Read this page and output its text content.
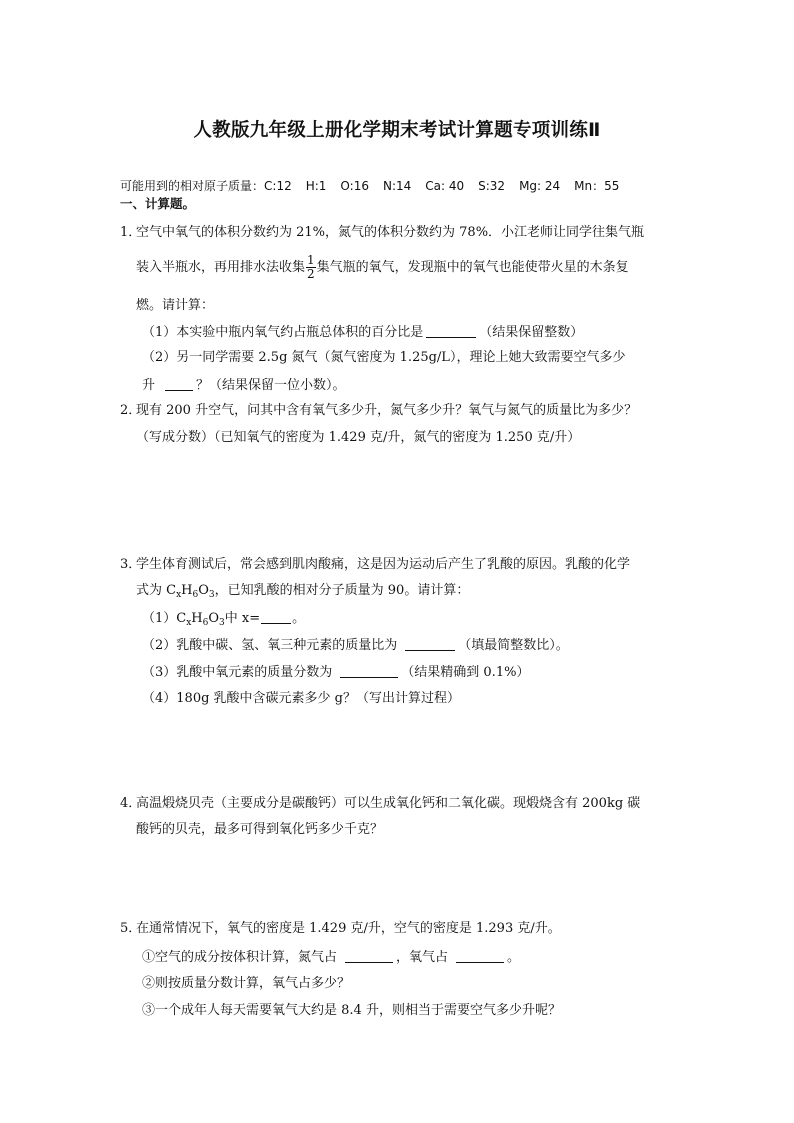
人教版九年级上册化学期末考试计算题专项训练Ⅱ
可能用到的相对原子质量：C:12 H:1 O:16 N:14 Ca: 40 S:32 Mg: 24 Mn：55
一、计算题。
1．空气中氧气的体积分数约为 21%，氮气的体积分数约为 78%．小江老师让同学往集气瓶
装入半瓶水，再用排水法收集 $\frac{1}{2}$ 集气瓶的氧气，发现瓶中的氧气也能使带火星的木条复
燃。请计算：
（1）本实验中瓶内氧气约占瓶总体积的百分比是	（结果保留整数）
（2）另一同学需要 2.5g 氮气（氮气密度为 1.25g/L），理论上她大致需要空气多少
升	？（结果保留一位小数）。
2．现有 200 升空气，问其中含有氧气多少升，氮气多少升？氧气与氮气的质量比为多少？
（写成分数）（已知氧气的密度为 1.429 克/升，氮气的密度为 1.250 克/升）
3．学生体育测试后，常会感到肌肉酸痛，这是因为运动后产生了乳酸的原因。乳酸的化学
式为 $C_xH_6O_3$，已知乳酸的相对分子质量为 90。请计算：
$(1)C_xH_6O_3$中 x= 。
（2）乳酸中碳、氢、氧三种元素的质量比为	（填最简整数比）。
（3）乳酸中氧元素的质量分数为	（结果精确到 0.1%）
（4）180g 乳酸中含碳元素多少 g？（写出计算过程）
4．高温煅烧贝壳（主要成分是碳酸钙）可以生成氧化钙和二氧化碳。现煅烧含有 200kg 碳
酸钙的贝壳，最多可得到氧化钙多少千克？
5．在通常情况下，氧气的密度是 1.429 克/升，空气的密度是 1.293 克/升。
①空气的成分按体积计算，氮气占	，氧气占	。
②则按质量分数计算，氧气占多少？
③一个成年人每天需要氧气大约是 8.4 升，则相当于需要空气多少升呢？
